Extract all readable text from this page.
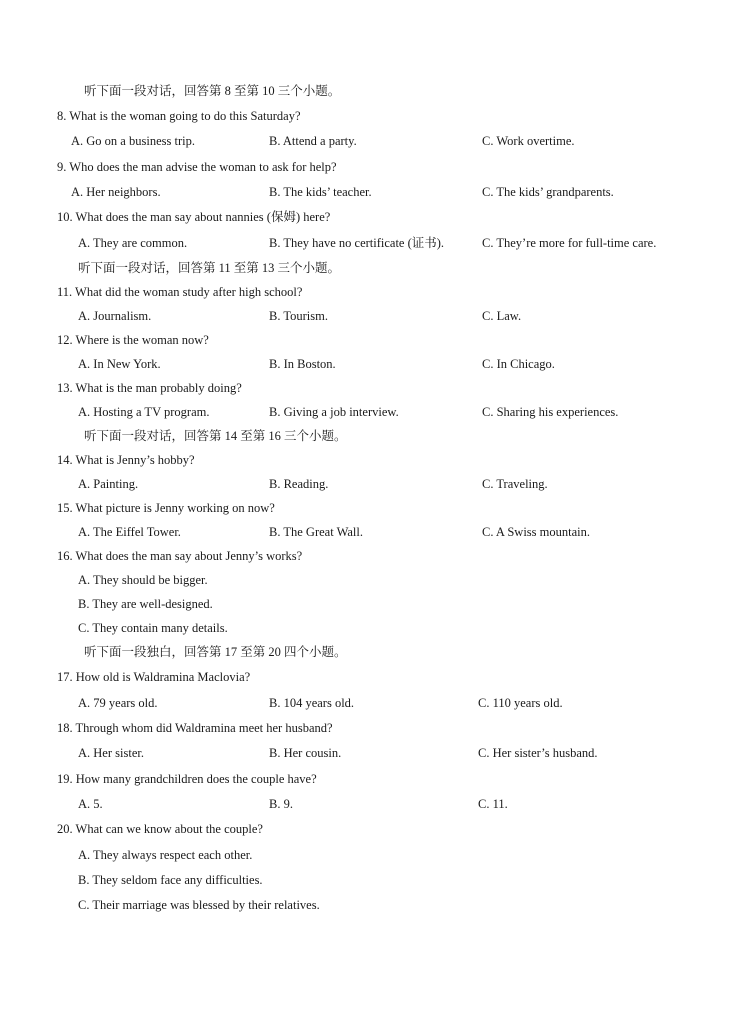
听下面一段对话，回答第 8 至第 10 三个小题。
8. What is the woman going to do this Saturday?
A. Go on a business trip.	B. Attend a party.	C. Work overtime.
9. Who does the man advise the woman to ask for help?
A. Her neighbors.	B. The kids’ teacher.	C. The kids’ grandparents.
10. What does the man say about nannies (保姆) here?
A. They are common.	B. They have no certificate (证书).	C. They’re more for full-time care.
听下面一段对话，回答第 11 至第 13 三个小题。
11. What did the woman study after high school?
A. Journalism.	B. Tourism.	C. Law.
12. Where is the woman now?
A. In New York.	B. In Boston.	C. In Chicago.
13. What is the man probably doing?
A. Hosting a TV program.	B. Giving a job interview.	C. Sharing his experiences.
听下面一段对话，回答第 14 至第 16 三个小题。
14. What is Jenny’s hobby?
A. Painting.	B. Reading.	C. Traveling.
15. What picture is Jenny working on now?
A. The Eiffel Tower.	B. The Great Wall.	C. A Swiss mountain.
16. What does the man say about Jenny’s works?
A. They should be bigger.
B. They are well-designed.
C. They contain many details.
听下面一段独白，回答第 17 至第 20 四个小题。
17. How old is Waldramina Maclovia?
A. 79 years old.	B. 104 years old.	C. 110 years old.
18. Through whom did Waldramina meet her husband?
A. Her sister.	B. Her cousin.	C. Her sister’s husband.
19. How many grandchildren does the couple have?
A. 5.	B. 9.	C. 11.
20. What can we know about the couple?
A. They always respect each other.
B. They seldom face any difficulties.
C. Their marriage was blessed by their relatives.
